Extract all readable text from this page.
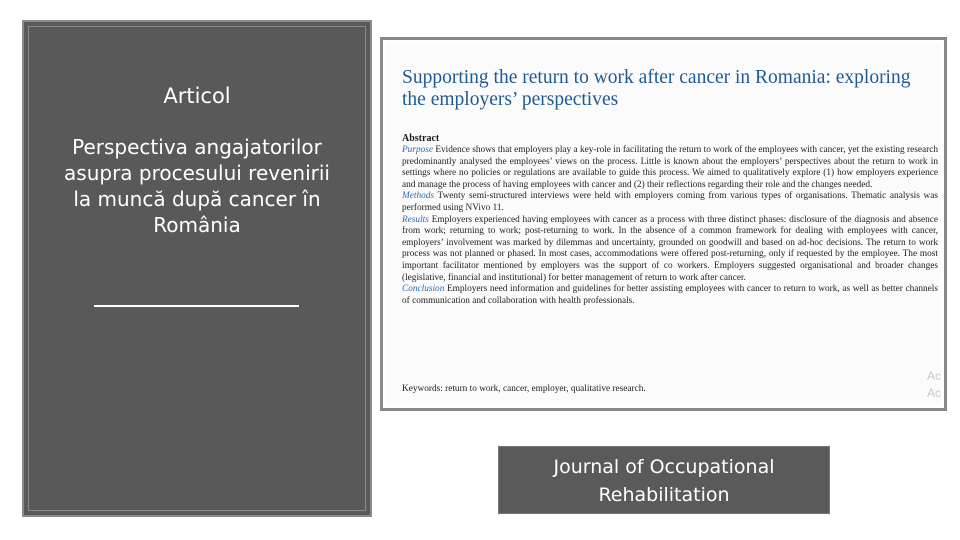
Articol
Perspectiva angajatorilor asupra procesului revenirii la muncă după cancer în România
Supporting the return to work after cancer in Romania: exploring the employers’ perspectives
Abstract

Purpose Evidence shows that employers play a key-role in facilitating the return to work of the employees with cancer, yet the existing research predominantly analysed the employees’ views on the process. Little is known about the employers’ perspectives about the return to work in settings where no policies or regulations are available to guide this process. We aimed to qualitatively explore (1) how employers experience and manage the process of having employees with cancer and (2) their reflections regarding their role and the changes needed.

Methods Twenty semi-structured interviews were held with employers coming from various types of organisations. Thematic analysis was performed using NVivo 11.

Results Employers experienced having employees with cancer as a process with three distinct phases: disclosure of the diagnosis and absence from work; returning to work; post-returning to work. In the absence of a common framework for dealing with employees with cancer, employers’ involvement was marked by dilemmas and uncertainty, grounded on goodwill and based on ad-hoc decisions. The return to work process was not planned or phased. In most cases, accommodations were offered post-returning, only if requested by the employee. The most important facilitator mentioned by employers was the support of co workers. Employers suggested organisational and broader changes (legislative, financial and institutional) for better management of return to work after cancer.

Conclusion Employers need information and guidelines for better assisting employees with cancer to return to work, as well as better channels of communication and collaboration with health professionals.

Keywords: return to work, cancer, employer, qualitative research.
Ac
Ac
Journal of Occupational
Rehabilitation
